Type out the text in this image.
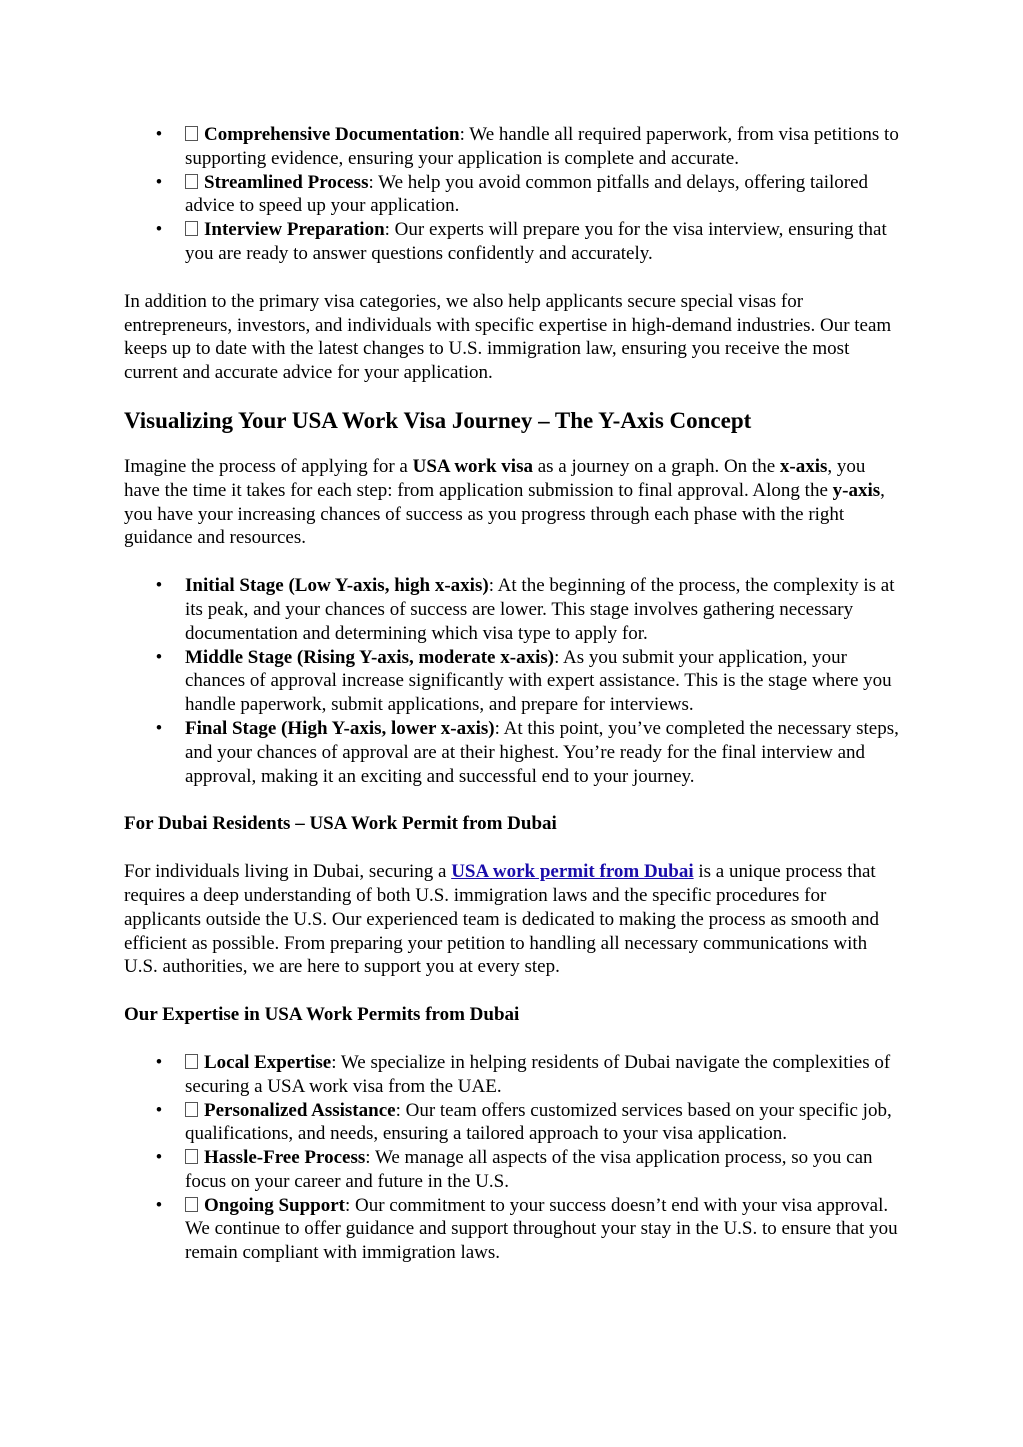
• Comprehensive Documentation: We handle all required paperwork, from visa petitions to supporting evidence, ensuring your application is complete and accurate.
• Streamlined Process: We help you avoid common pitfalls and delays, offering tailored advice to speed up your application.
• Interview Preparation: Our experts will prepare you for the visa interview, ensuring that you are ready to answer questions confidently and accurately.

In addition to the primary visa categories, we also help applicants secure special visas for entrepreneurs, investors, and individuals with specific expertise in high-demand industries. Our team keeps up to date with the latest changes to U.S. immigration law, ensuring you receive the most current and accurate advice for your application.

Visualizing Your USA Work Visa Journey – The Y-Axis Concept

Imagine the process of applying for a USA work visa as a journey on a graph. On the x-axis, you have the time it takes for each step: from application submission to final approval. Along the y-axis, you have your increasing chances of success as you progress through each phase with the right guidance and resources.

• Initial Stage (Low Y-axis, high x-axis): At the beginning of the process, the complexity is at its peak, and your chances of success are lower. This stage involves gathering necessary documentation and determining which visa type to apply for.
• Middle Stage (Rising Y-axis, moderate x-axis): As you submit your application, your chances of approval increase significantly with expert assistance. This is the stage where you handle paperwork, submit applications, and prepare for interviews.
• Final Stage (High Y-axis, lower x-axis): At this point, you’ve completed the necessary steps, and your chances of approval are at their highest. You’re ready for the final interview and approval, making it an exciting and successful end to your journey.
For Dubai Residents – USA Work Permit from Dubai

For individuals living in Dubai, securing a USA work permit from Dubai is a unique process that requires a deep understanding of both U.S. immigration laws and the specific procedures for applicants outside the U.S. Our experienced team is dedicated to making the process as smooth and efficient as possible. From preparing your petition to handling all necessary communications with U.S. authorities, we are here to support you at every step.

Our Expertise in USA Work Permits from Dubai
• Local Expertise: We specialize in helping residents of Dubai navigate the complexities of securing a USA work visa from the UAE.
• Personalized Assistance: Our team offers customized services based on your specific job, qualifications, and needs, ensuring a tailored approach to your visa application.
• Hassle-Free Process: We manage all aspects of the visa application process, so you can focus on your career and future in the U.S.
• Ongoing Support: Our commitment to your success doesn’t end with your visa approval. We continue to offer guidance and support throughout your stay in the U.S. to ensure that you remain compliant with immigration laws.
